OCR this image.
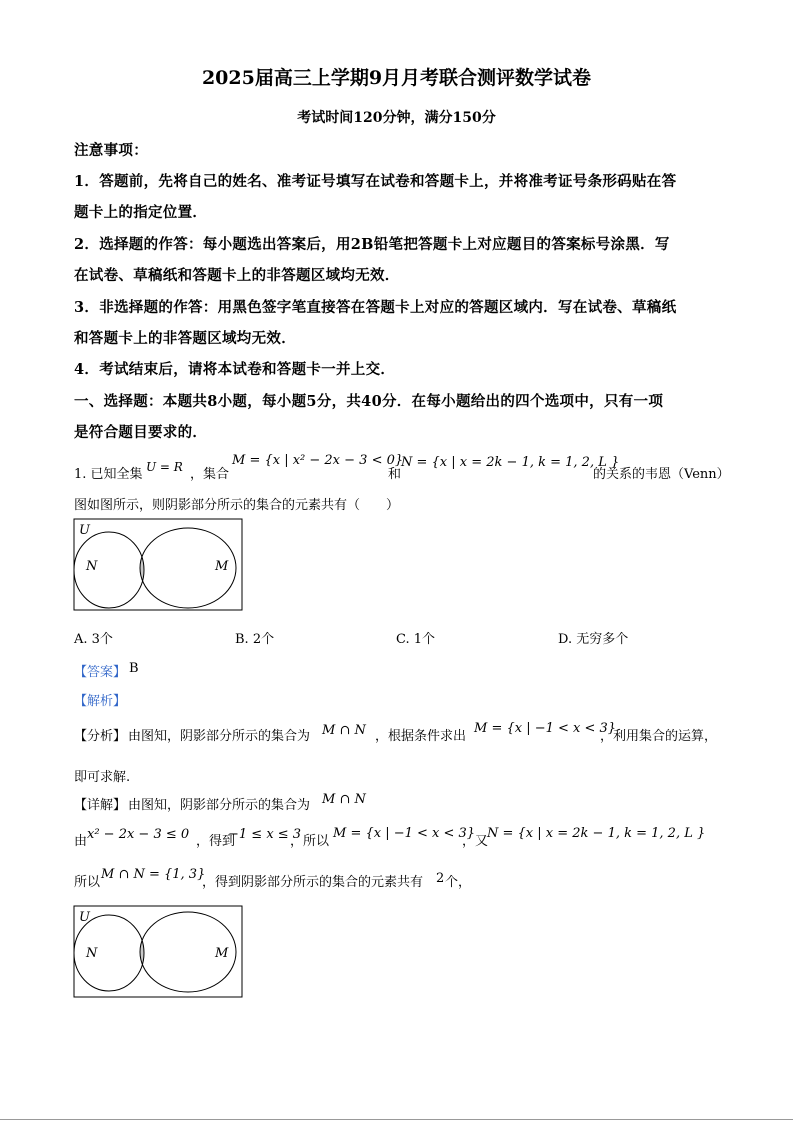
2025届高三上学期9月月考联合测评数学试卷
考试时间120分钟，满分150分
注意事项：
1．答题前，先将自己的姓名、准考证号填写在试卷和答题卡上，并将准考证号条形码贴在答
题卡上的指定位置．
2．选择题的作答：每小题选出答案后，用2B铅笔把答题卡上对应题目的答案标号涂黑．写
在试卷、草稿纸和答题卡上的非答题区域均无效．
3．非选择题的作答：用黑色签字笔直接答在答题卡上对应的答题区域内．写在试卷、草稿纸
和答题卡上的非答题区域均无效．
4．考试结束后，请将本试卷和答题卡一并上交．
一、选择题：本题共8小题，每小题5分，共40分．在每小题给出的四个选项中，只有一项
是符合题目要求的．
1. 已知全集 U = R ，集合
M = {x | x² − 2x − 3 < 0}
和
N = {x | x = 2k − 1, k = 1, 2, L }
的关系的韦恩（Venn）
图如图所示，则阴影部分所示的集合的元素共有（　　）
U
N	M
A. 3个	B. 2个	C. 1个	D. 无穷多个
【答案】 B
【解析】
【分析】 由图知，阴影部分所示的集合为 M ∩ N ，根据条件求出
M = {x | −1 < x < 3}
，利用集合的运算，
即可求解.
【详解】 由图知，阴影部分所示的集合为 M ∩ N
由 x² − 2x − 3 ≤ 0 ，得到
−1 ≤ x ≤ 3
，所以
M = {x | −1 < x < 3}
，又
N = {x | x = 2k − 1, k = 1, 2, L }
所以
M ∩ N = {1, 3}
，得到阴影部分所示的集合的元素共有 2 个，
U
N	M
